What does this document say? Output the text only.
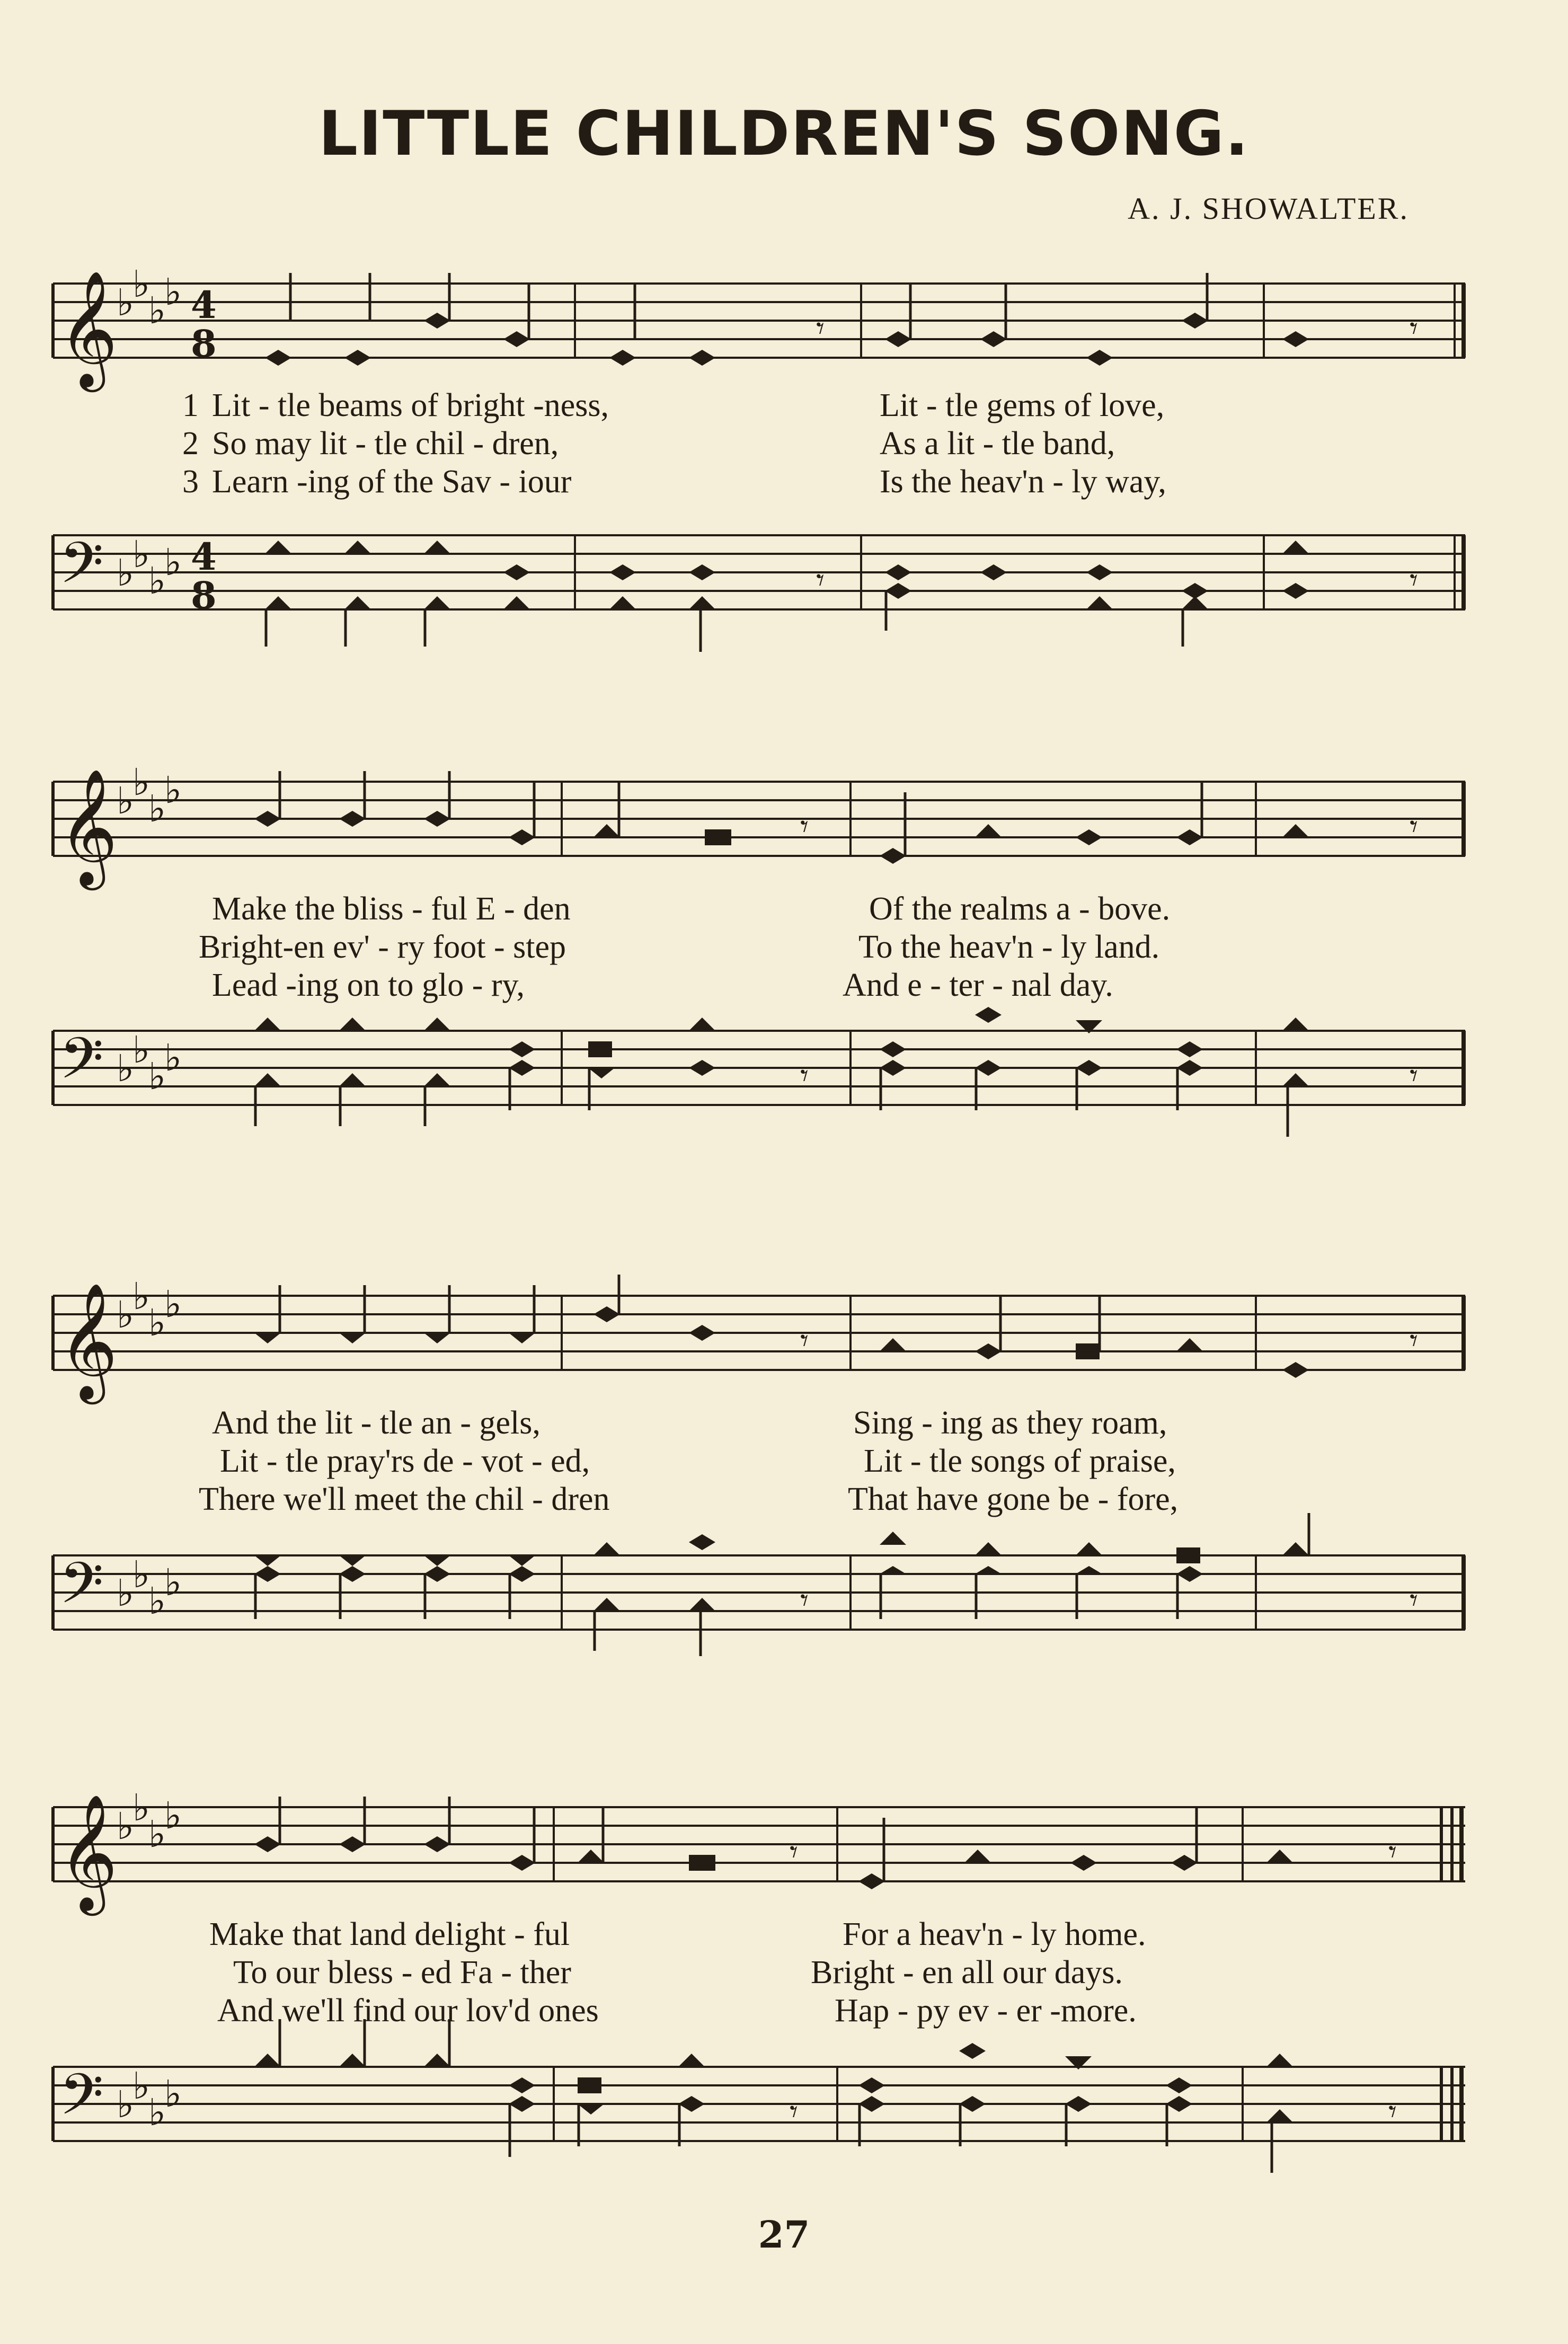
LITTLE CHILDREN'S SONG.
A. J. SHOWALTER.
𝄞
♭
♭
♭
♭ 4
8	𝄾	𝄾
1 Lit - tle beams of bright -ness,	Lit - tle gems of love,
2 So may lit - tle chil - dren,	As a lit - tle band,
3 Learn -ing of the Sav - iour	Is the heav'n - ly way,
𝄢 ♭
♭
♭
♭ 4
8	𝄾	𝄾
𝄞
♭
♭
♭
♭
𝄾	𝄾
Make the bliss - ful E - den	Of the realms a - bove.
Bright-en ev' - ry foot - step	To the heav'n - ly land.
Lead -ing on to glo - ry,	And e - ter - nal day.
𝄢 ♭
♭
♭
♭	𝄾	𝄾
𝄞
♭
♭
♭
♭
𝄾	𝄾
And the lit - tle an - gels,	Sing - ing as they roam,
Lit - tle pray'rs de - vot - ed,	Lit - tle songs of praise,
There we'll meet the chil - dren	That have gone be - fore,
𝄢 ♭
♭
♭
♭	𝄾	𝄾
𝄞
♭
♭
♭
♭
𝄾	𝄾
Make that land delight - ful	For a heav'n - ly home.
To our bless - ed Fa - ther	Bright - en all our days.
And we'll find our lov'd ones	Hap - py ev - er -more.
𝄢 ♭
♭
♭
♭	𝄾	𝄾
27
